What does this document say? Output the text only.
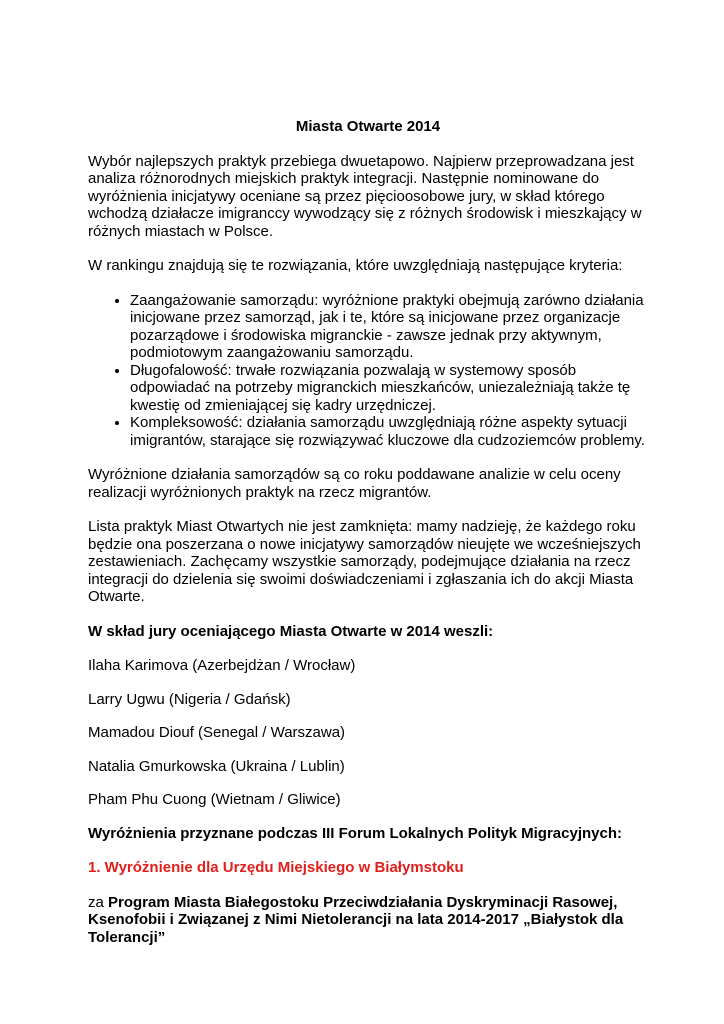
Miasta Otwarte 2014

Wybór najlepszych praktyk przebiega dwuetapowo. Najpierw przeprowadzana jest analiza różnorodnych miejskich praktyk integracji. Następnie nominowane do wyróżnienia inicjatywy oceniane są przez pięcioosobowe jury, w skład którego wchodzą działacze imigranccy wywodzący się z różnych środowisk i mieszkający w różnych miastach w Polsce.

W rankingu znajdują się te rozwiązania, które uwzględniają następujące kryteria:

• Zaangażowanie samorządu: wyróżnione praktyki obejmują zarówno działania inicjowane przez samorząd, jak i te, które są inicjowane przez organizacje pozarządowe i środowiska migranckie - zawsze jednak przy aktywnym, podmiotowym zaangażowaniu samorządu.
• Długofalowość: trwałe rozwiązania pozwalają w systemowy sposób odpowiadać na potrzeby migranckich mieszkańców, uniezależniają także tę kwestię od zmieniającej się kadry urzędniczej.
• Kompleksowość: działania samorządu uwzględniają różne aspekty sytuacji imigrantów, starające się rozwiązywać kluczowe dla cudzoziemców problemy.

Wyróżnione działania samorządów są co roku poddawane analizie w celu oceny realizacji wyróżnionych praktyk na rzecz migrantów.

Lista praktyk Miast Otwartych nie jest zamknięta: mamy nadzieję, że każdego roku będzie ona poszerzana o nowe inicjatywy samorządów nieujęte we wcześniejszych zestawieniach. Zachęcamy wszystkie samorządy, podejmujące działania na rzecz integracji do dzielenia się swoimi doświadczeniami i zgłaszania ich do akcji Miasta Otwarte.

W skład jury oceniającego Miasta Otwarte w 2014 weszli:

Ilaha Karimova (Azerbejdżan / Wrocław)

Larry Ugwu (Nigeria / Gdańsk)

Mamadou Diouf (Senegal / Warszawa)

Natalia Gmurkowska (Ukraina / Lublin)

Pham Phu Cuong (Wietnam / Gliwice)

Wyróżnienia przyznane podczas III Forum Lokalnych Polityk Migracyjnych:

1. Wyróżnienie dla Urzędu Miejskiego w Białymstoku

za Program Miasta Białegostoku Przeciwdziałania Dyskryminacji Rasowej, Ksenofobii i Związanej z Nimi Nietolerancji na lata 2014-2017 „Białystok dla Tolerancji”
